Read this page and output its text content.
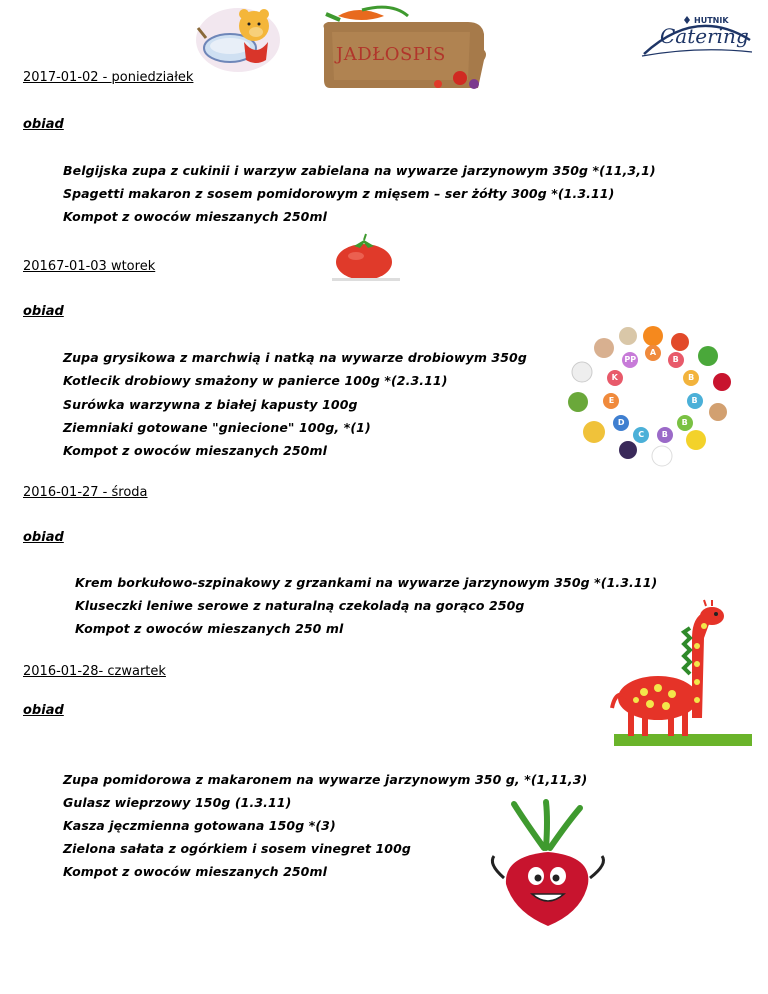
JADŁOSPIS
HUTNIK
Catering
2017-01-02 - poniedziałek
obiad
Belgijska zupa z cukinii i warzyw zabielana na wywarze jarzynowym 350g *(11,3,1)
Spagetti makaron z sosem pomidorowym z mięsem – ser żółty 300g *(1.3.11)
Kompot z owoców mieszanych 250ml
20167-01-03 wtorek
obiad
Zupa grysikowa z marchwią i natką na wywarze drobiowym 350g
Kotlecik drobiowy smażony w panierce 100g *(2.3.11)
Surówka warzywna z białej kapusty 100g
Ziemniaki gotowane "gniecione" 100g, *(1)
Kompot z owoców mieszanych 250ml
A
B
B
B
B
B
C
D
E
K
PP
2016-01-27 - środa
obiad
Krem borkułowo-szpinakowy z grzankami na wywarze jarzynowym 350g *(1.3.11)
Kluseczki leniwe serowe z naturalną czekoladą na gorąco 250g
Kompot z owoców mieszanych 250 ml
2016-01-28- czwartek
obiad
Zupa pomidorowa z makaronem na wywarze jarzynowym 350 g, *(1,11,3)
Gulasz wieprzowy 150g (1.3.11)
Kasza jęczmienna gotowana 150g *(3)
Zielona sałata z ogórkiem i sosem vinegret 100g
Kompot z owoców mieszanych 250ml
